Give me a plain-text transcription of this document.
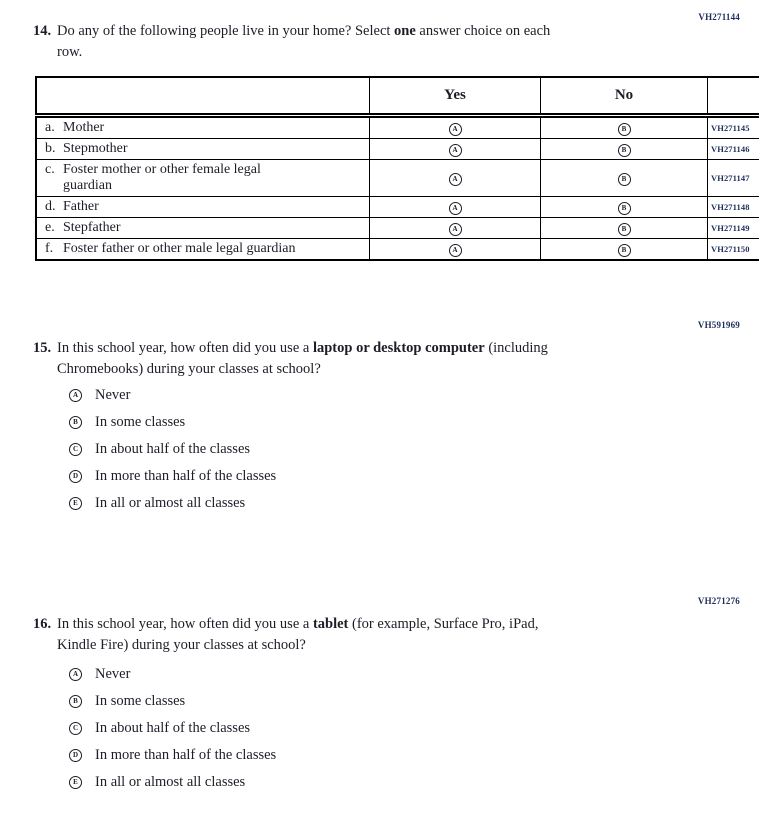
VH271144
14. Do any of the following people live in your home? Select one answer choice on each
row.
	Yes	No	
a. Mother	A	B	VH271145
b. Stepmother	A	B	VH271146
c. Foster mother or other female legal guardian	A	B	VH271147
d. Father	A	B	VH271148
e. Stepfather	A	B	VH271149
f. Foster father or other male legal guardian	A	B	VH271150
VH591969
15. In this school year, how often did you use a laptop or desktop computer (including
Chromebooks) during your classes at school?
A Never
B In some classes
C In about half of the classes
D In more than half of the classes
E In all or almost all classes
VH271276
16. In this school year, how often did you use a tablet (for example, Surface Pro, iPad,
Kindle Fire) during your classes at school?
A Never
B In some classes
C In about half of the classes
D In more than half of the classes
E In all or almost all classes
